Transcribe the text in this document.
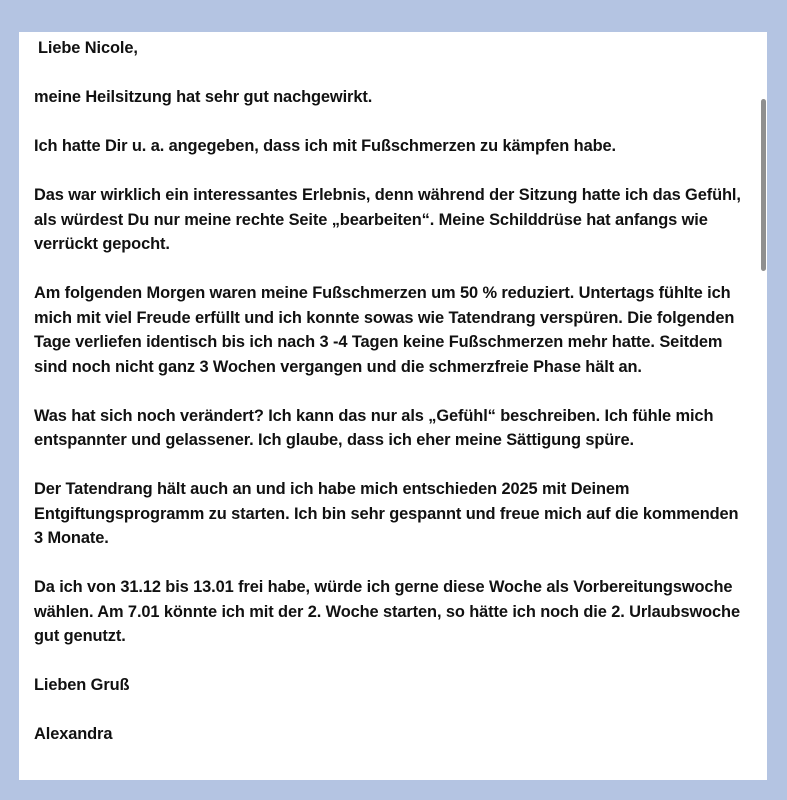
Liebe Nicole,

meine Heilsitzung hat sehr gut nachgewirkt.

Ich hatte Dir u. a. angegeben, dass ich mit Fußschmerzen zu kämpfen habe.

Das war wirklich ein interessantes Erlebnis, denn während der Sitzung hatte ich das Gefühl, als würdest Du nur meine rechte Seite „bearbeiten“. Meine Schilddrüse hat anfangs wie verrückt gepocht.

Am folgenden Morgen waren meine Fußschmerzen um 50 % reduziert. Untertags fühlte ich mich mit viel Freude erfüllt und ich konnte sowas wie Tatendrang verspüren. Die folgenden Tage verliefen identisch bis ich nach 3 -4 Tagen keine Fußschmerzen mehr hatte. Seitdem sind noch nicht ganz 3 Wochen vergangen und die schmerzfreie Phase hält an.

Was hat sich noch verändert? Ich kann das nur als „Gefühl“ beschreiben. Ich fühle mich entspannter und gelassener. Ich glaube, dass ich eher meine Sättigung spüre.

Der Tatendrang hält auch an und ich habe mich entschieden 2025 mit Deinem Entgiftungsprogramm zu starten. Ich bin sehr gespannt und freue mich auf die kommenden 3 Monate.

Da ich von 31.12 bis 13.01 frei habe, würde ich gerne diese Woche als Vorbereitungswoche wählen. Am 7.01 könnte ich mit der 2. Woche starten, so hätte ich noch die 2. Urlaubswoche gut genutzt.

Lieben Gruß

Alexandra
